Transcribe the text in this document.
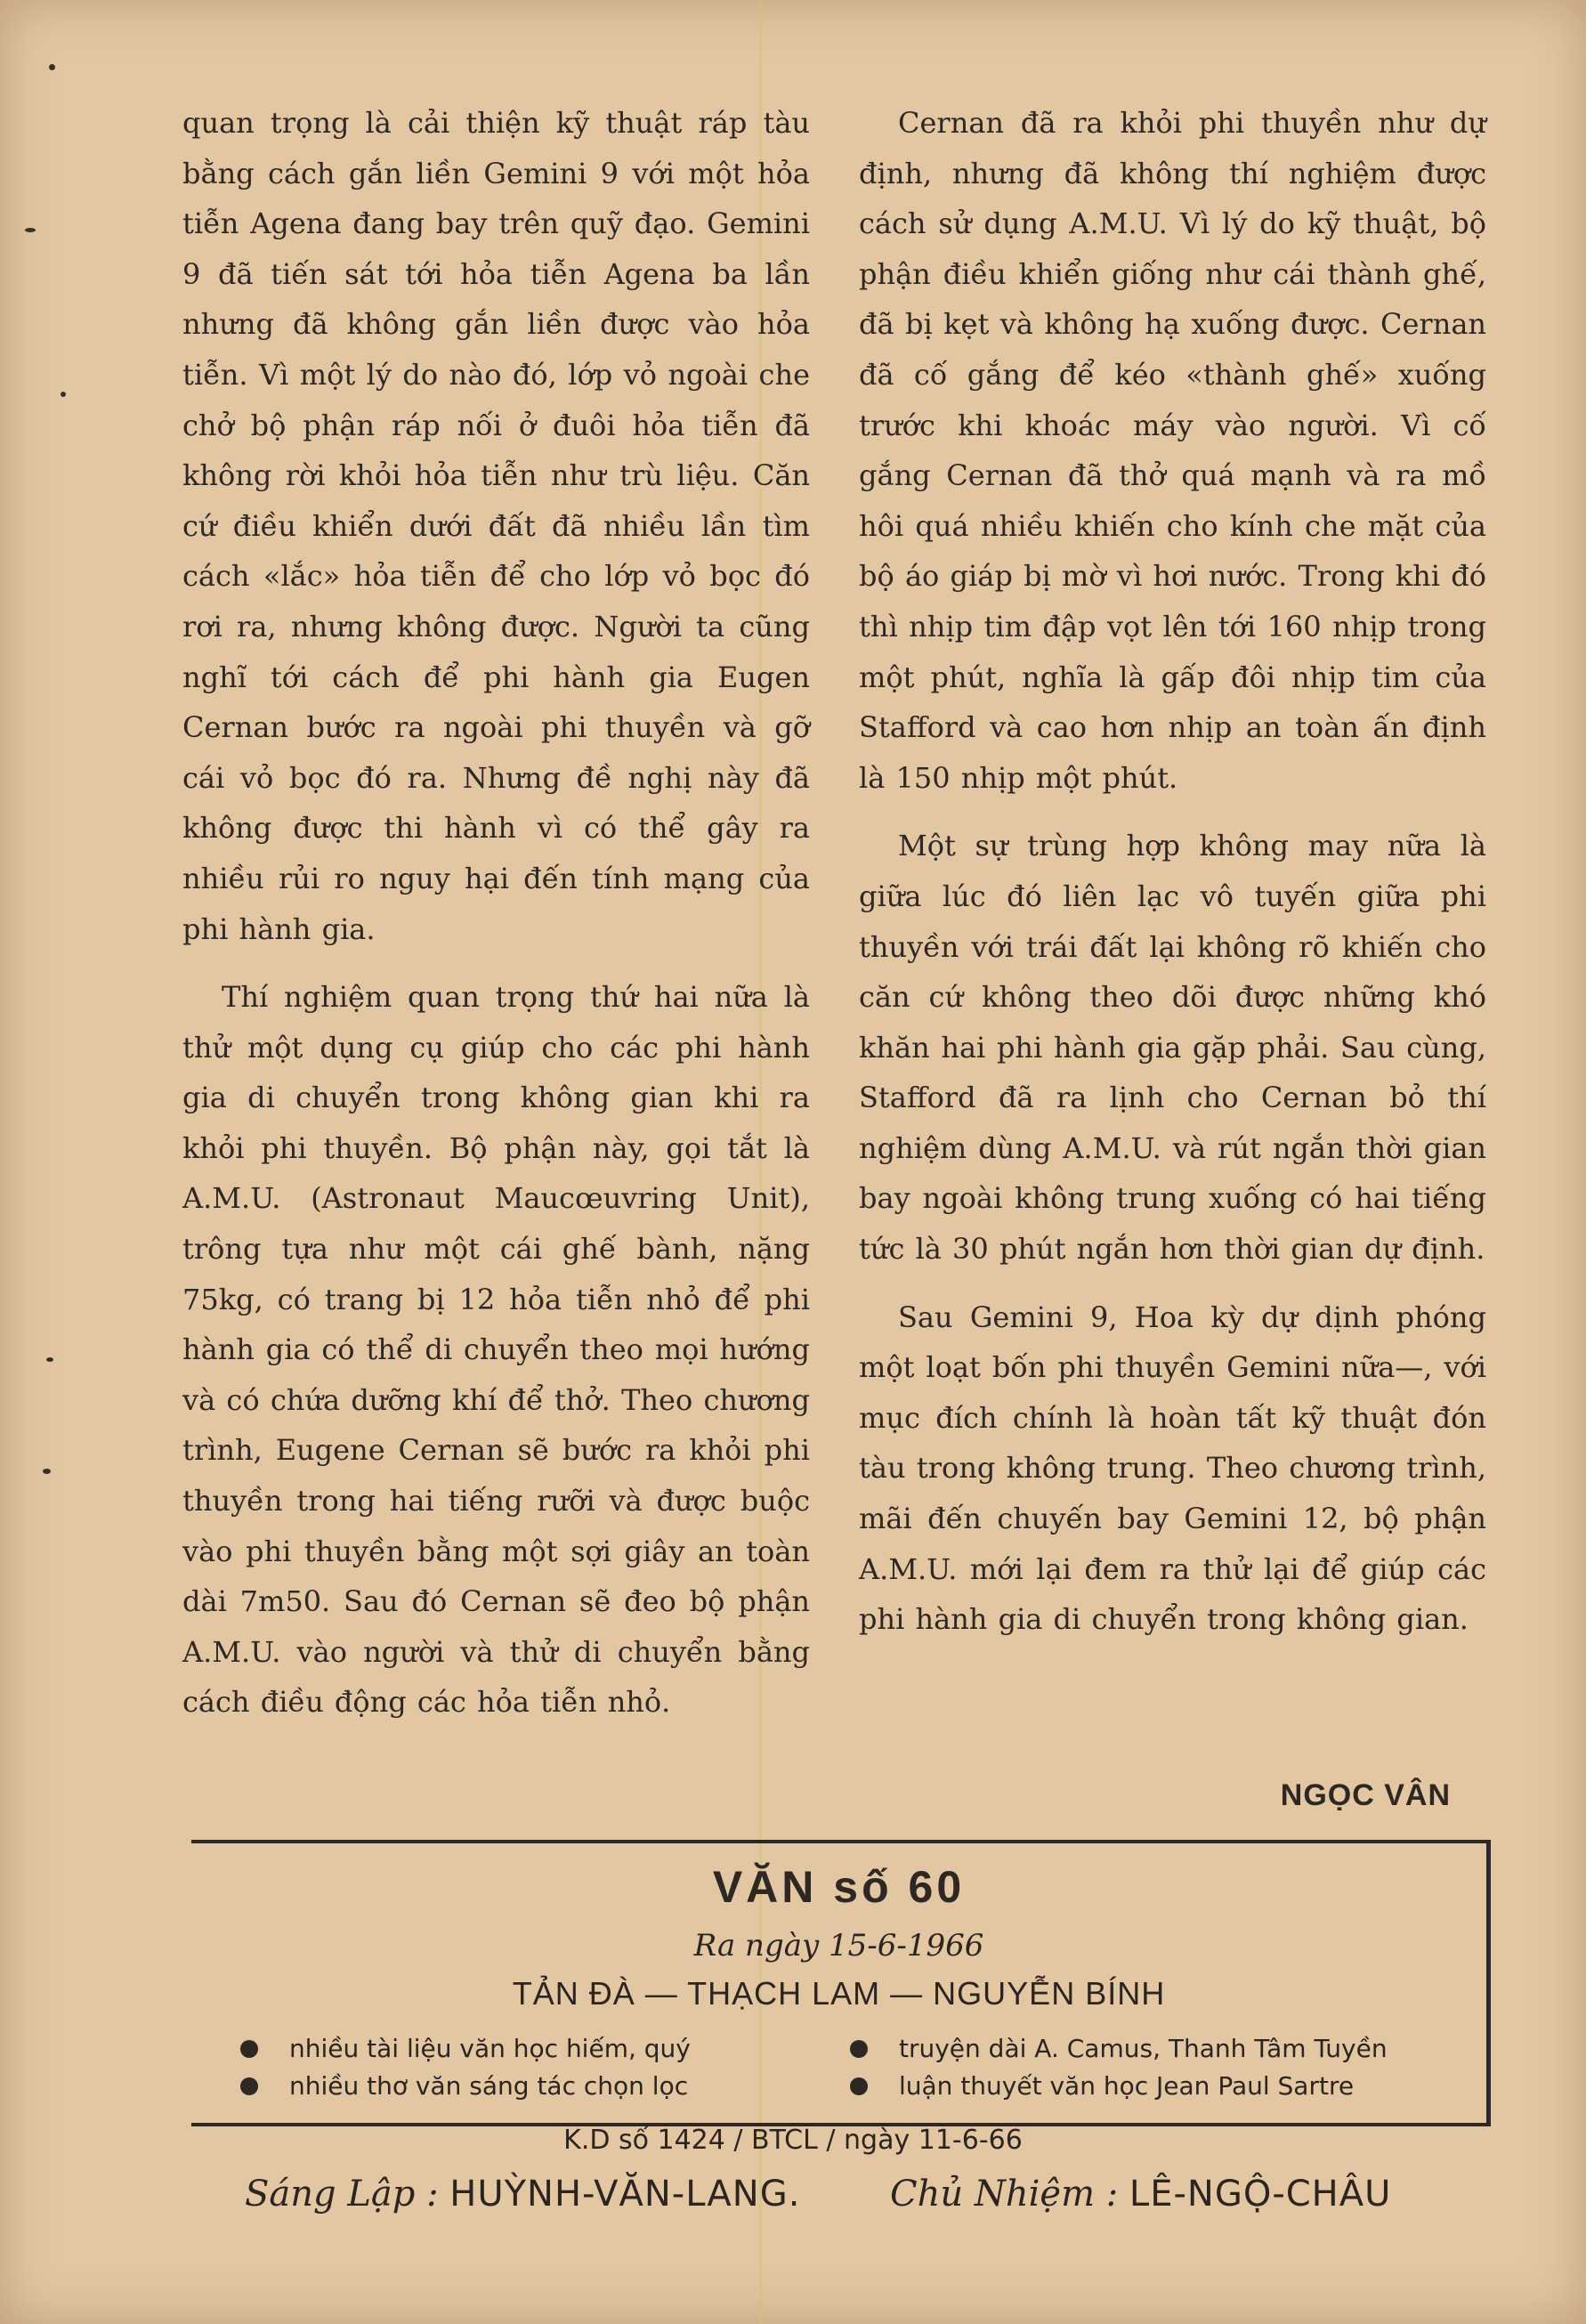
quan trọng là cải thiện kỹ thuật ráp tàu bằng cách gắn liền Gemini 9 với một hỏa tiễn Agena đang bay trên quỹ đạo. Gemini 9 đã tiến sát tới hỏa tiễn Agena ba lần nhưng đã không gắn liền được vào hỏa tiễn. Vì một lý do nào đó, lớp vỏ ngoài che chở bộ phận ráp nối ở đuôi hỏa tiễn đã không rời khỏi hỏa tiễn như trù liệu. Căn cứ điều khiển dưới đất đã nhiều lần tìm cách «lắc» hỏa tiễn để cho lớp vỏ bọc đó rơi ra, nhưng không được. Người ta cũng nghĩ tới cách để phi hành gia Eugen Cernan bước ra ngoài phi thuyền và gỡ cái vỏ bọc đó ra. Nhưng đề nghị này đã không được thi hành vì có thể gây ra nhiều rủi ro nguy hại đến tính mạng của phi hành gia.

Thí nghiệm quan trọng thứ hai nữa là thử một dụng cụ giúp cho các phi hành gia di chuyển trong không gian khi ra khỏi phi thuyền. Bộ phận này, gọi tắt là A.M.U. (Astronaut Maucœuvring Unit), trông tựa như một cái ghế bành, nặng 75kg, có trang bị 12 hỏa tiễn nhỏ để phi hành gia có thể di chuyển theo mọi hướng và có chứa dưỡng khí để thở. Theo chương trình, Eugene Cernan sẽ bước ra khỏi phi thuyền trong hai tiếng rưỡi và được buộc vào phi thuyền bằng một sợi giây an toàn dài 7m50. Sau đó Cernan sẽ đeo bộ phận A.M.U. vào người và thử di chuyển bằng cách điều động các hỏa tiễn nhỏ.

Cernan đã ra khỏi phi thuyền như dự định, nhưng đã không thí nghiệm được cách sử dụng A.M.U. Vì lý do kỹ thuật, bộ phận điều khiển giống như cái thành ghế, đã bị kẹt và không hạ xuống được. Cernan đã cố gắng để kéo «thành ghế» xuống trước khi khoác máy vào người. Vì cố gắng Cernan đã thở quá mạnh và ra mồ hôi quá nhiều khiến cho kính che mặt của bộ áo giáp bị mờ vì hơi nước. Trong khi đó thì nhịp tim đập vọt lên tới 160 nhịp trong một phút, nghĩa là gấp đôi nhịp tim của Stafford và cao hơn nhịp an toàn ấn định là 150 nhịp một phút.

Một sự trùng hợp không may nữa là giữa lúc đó liên lạc vô tuyến giữa phi thuyền với trái đất lại không rõ khiến cho căn cứ không theo dõi được những khó khăn hai phi hành gia gặp phải. Sau cùng, Stafford đã ra lịnh cho Cernan bỏ thí nghiệm dùng A.M.U. và rút ngắn thời gian bay ngoài không trung xuống có hai tiếng tức là 30 phút ngắn hơn thời gian dự định.

Sau Gemini 9, Hoa kỳ dự dịnh phóng một loạt bốn phi thuyền Gemini nữa—, với mục đích chính là hoàn tất kỹ thuật đón tàu trong không trung. Theo chương trình, mãi đến chuyến bay Gemini 12, bộ phận A.M.U. mới lại đem ra thử lại để giúp các phi hành gia di chuyển trong không gian.

NGỌC VÂN
VĂN số 60
Ra ngày 15-6-1966
TẢN ĐÀ — THẠCH LAM — NGUYỄN BÍNH
nhiều tài liệu văn học hiếm, quý
nhiều thơ văn sáng tác chọn lọc
truyện dài A. Camus, Thanh Tâm Tuyền
luận thuyết văn học Jean Paul Sartre
K.D số 1424 / BTCL / ngày 11-6-66
Sáng Lập : HUỲNH-VĂN-LANG.	Chủ Nhiệm : LÊ-NGỘ-CHÂU
